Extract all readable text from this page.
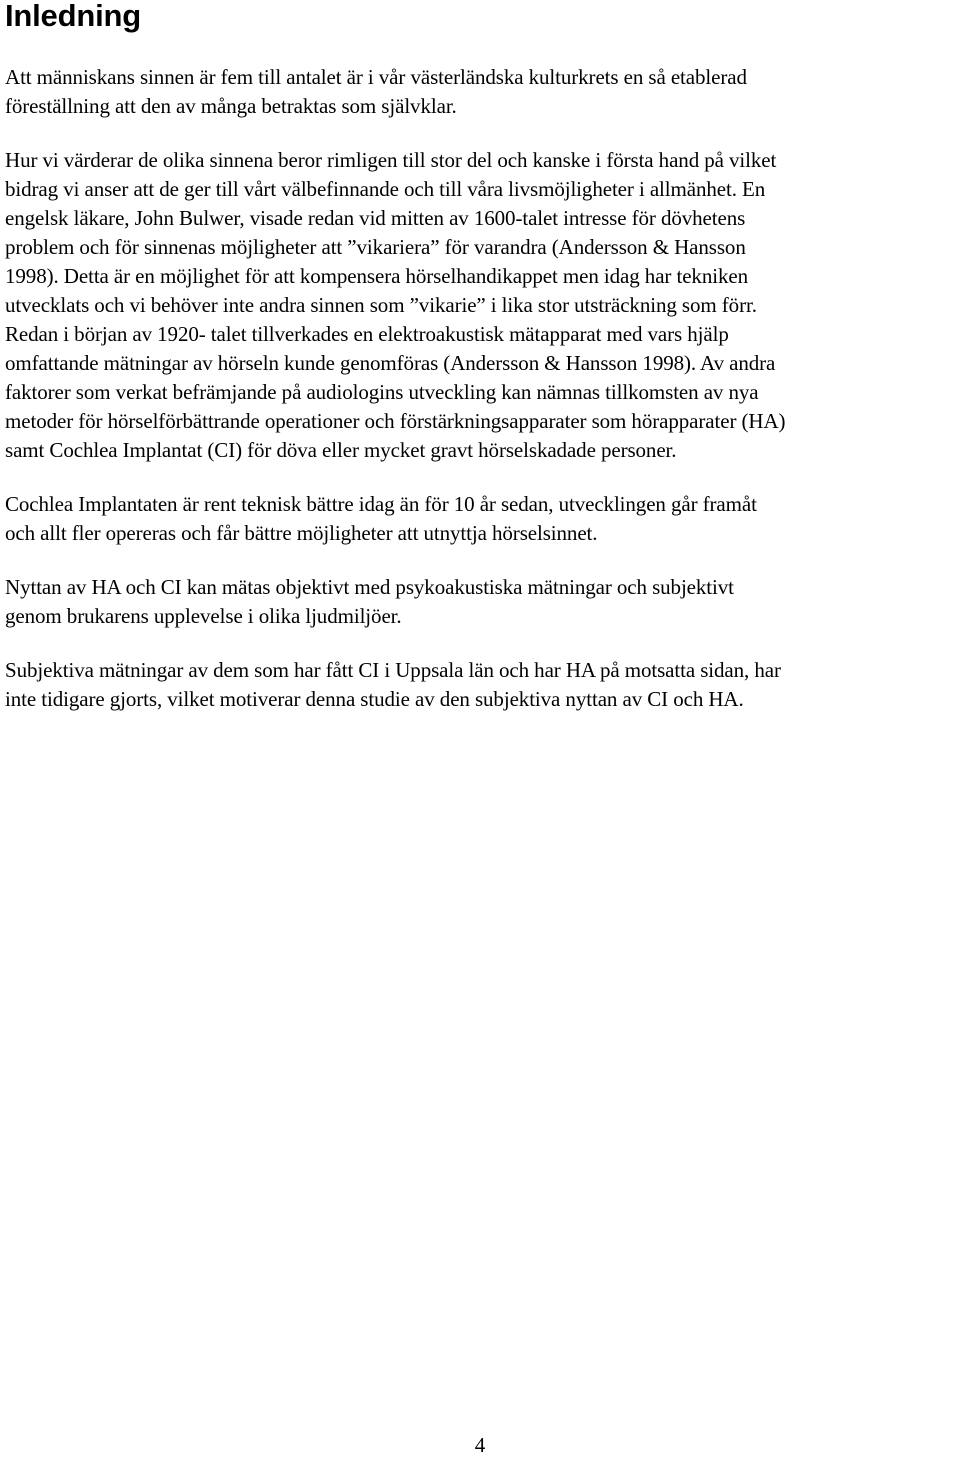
Inledning

Att människans sinnen är fem till antalet är i vår västerländska kulturkrets en så etablerad
föreställning att den av många betraktas som självklar.

Hur vi värderar de olika sinnena beror rimligen till stor del och kanske i första hand på vilket
bidrag vi anser att de ger till vårt välbefinnande och till våra livsmöjligheter i allmänhet. En
engelsk läkare, John Bulwer, visade redan vid mitten av 1600-talet intresse för dövhetens
problem och för sinnenas möjligheter att ”vikariera” för varandra (Andersson & Hansson
1998). Detta är en möjlighet för att kompensera hörselhandikappet men idag har tekniken
utvecklats och vi behöver inte andra sinnen som ”vikarie” i lika stor utsträckning som förr.
Redan i början av 1920- talet tillverkades en elektroakustisk mätapparat med vars hjälp
omfattande mätningar av hörseln kunde genomföras (Andersson & Hansson 1998). Av andra
faktorer som verkat befrämjande på audiologins utveckling kan nämnas tillkomsten av nya
metoder för hörselförbättrande operationer och förstärkningsapparater som hörapparater (HA)
samt Cochlea Implantat (CI) för döva eller mycket gravt hörselskadade personer.

Cochlea Implantaten är rent teknisk bättre idag än för 10 år sedan, utvecklingen går framåt
och allt fler opereras och får bättre möjligheter att utnyttja hörselsinnet.

Nyttan av HA och CI kan mätas objektivt med psykoakustiska mätningar och subjektivt
genom brukarens upplevelse i olika ljudmiljöer.

Subjektiva mätningar av dem som har fått CI i Uppsala län och har HA på motsatta sidan, har
inte tidigare gjorts, vilket motiverar denna studie av den subjektiva nyttan av CI och HA.

4
